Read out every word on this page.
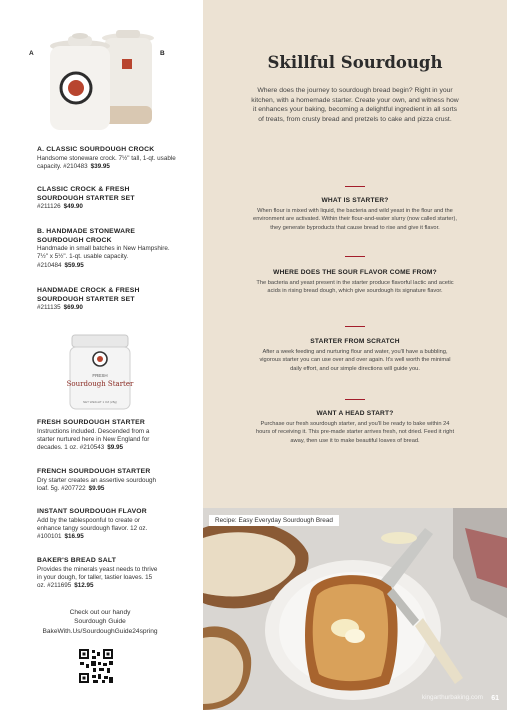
A	B
A. CLASSIC SOURDOUGH CROCK
Handsome stoneware crock. 7½" tall, 1-qt. usable capacity. #210483 $39.95
CLASSIC CROCK & FRESH SOURDOUGH STARTER SET
#211126 $49.90
B. HANDMADE STONEWARE SOURDOUGH CROCK
Handmade in small batches in New Hampshire. 7½" x 5½". 1-qt. usable capacity. #210484 $59.95
HANDMADE CROCK & FRESH SOURDOUGH STARTER SET
#211135 $69.90
FRESH
Sourdough Starter
NET WEIGHT 1 OZ (28g)
FRESH SOURDOUGH STARTER
Instructions included. Descended from a starter nurtured here in New England for decades. 1 oz. #210543 $9.95
FRENCH SOURDOUGH STARTER
Dry starter creates an assertive sourdough loaf. 5g. #207722 $9.95
INSTANT SOURDOUGH FLAVOR
Add by the tablespoonful to create or enhance tangy sourdough flavor. 12 oz. #100101 $16.95
BAKER'S BREAD SALT
Provides the minerals yeast needs to thrive in your dough, for taller, tastier loaves. 15 oz. #211695 $12.95
Check out our handy
Sourdough Guide
BakeWith.Us/SourdoughGuide24spring
Skillful Sourdough

Where does the journey to sourdough bread begin? Right in your kitchen, with a homemade starter. Create your own, and witness how it enhances your baking, becoming a delightful ingredient in all sorts of treats, from crusty bread and pretzels to cake and pizza crust.

WHAT IS STARTER?

When flour is mixed with liquid, the bacteria and wild yeast in the flour and the environment are activated. Within their flour-and-water slurry (now called starter), they generate byproducts that cause bread to rise and give it flavor.

WHERE DOES THE SOUR FLAVOR COME FROM?

The bacteria and yeast present in the starter produce flavorful lactic and acetic acids in rising bread dough, which give sourdough its signature flavor.

STARTER FROM SCRATCH

After a week feeding and nurturing flour and water, you'll have a bubbling, vigorous starter you can use over and over again. It's well worth the minimal daily effort, and our simple directions will guide you.

WANT A HEAD START?

Purchase our fresh sourdough starter, and you'll be ready to bake within 24 hours of receiving it. This pre-made starter arrives fresh, not dried. Feed it right away, then use it to make beautiful loaves of bread.

Recipe: Easy Everyday Sourdough Bread
kingarthurbaking.com 61
